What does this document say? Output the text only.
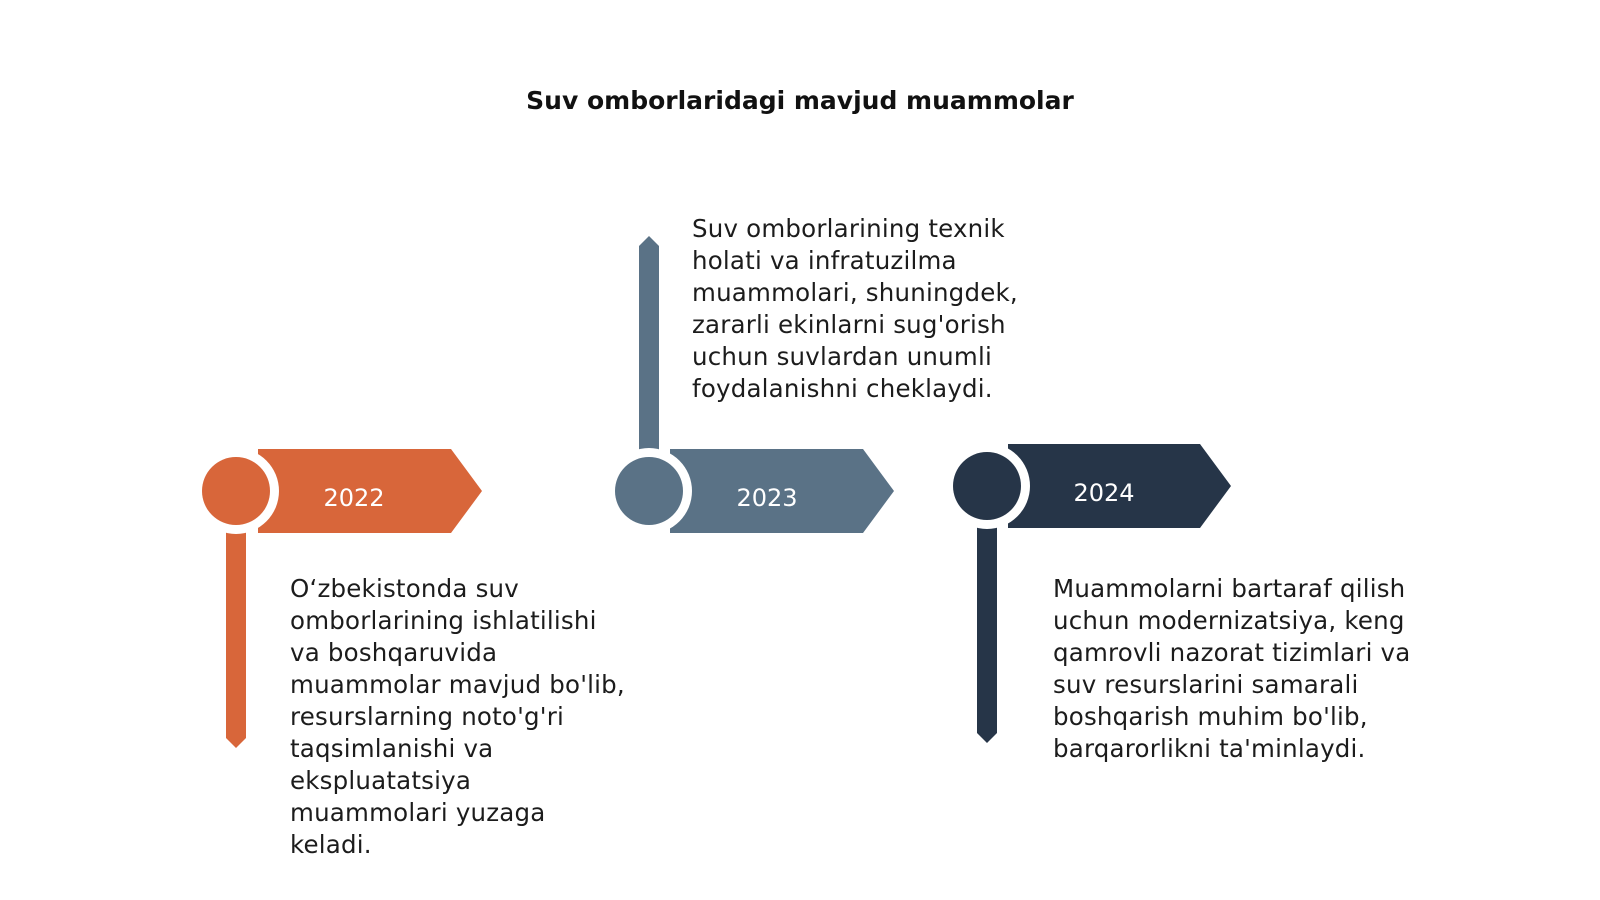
Suv omborlaridagi mavjud muammolar
2022	2023	2024

O‘zbekistonda suv omborlarining ishlatilishi va boshqaruvida muammolar mavjud bo'lib, resurslarning noto'g'ri taqsimlanishi va ekspluatatsiya muammolari yuzaga keladi.

Suv omborlarining texnik holati va infratuzilma muammolari, shuningdek, zararli ekinlarni sug'orish uchun suvlardan unumli foydalanishni cheklaydi.

Muammolarni bartaraf qilish uchun modernizatsiya, keng qamrovli nazorat tizimlari va suv resurslarini samarali boshqarish muhim bo'lib, barqarorlikni ta'minlaydi.
